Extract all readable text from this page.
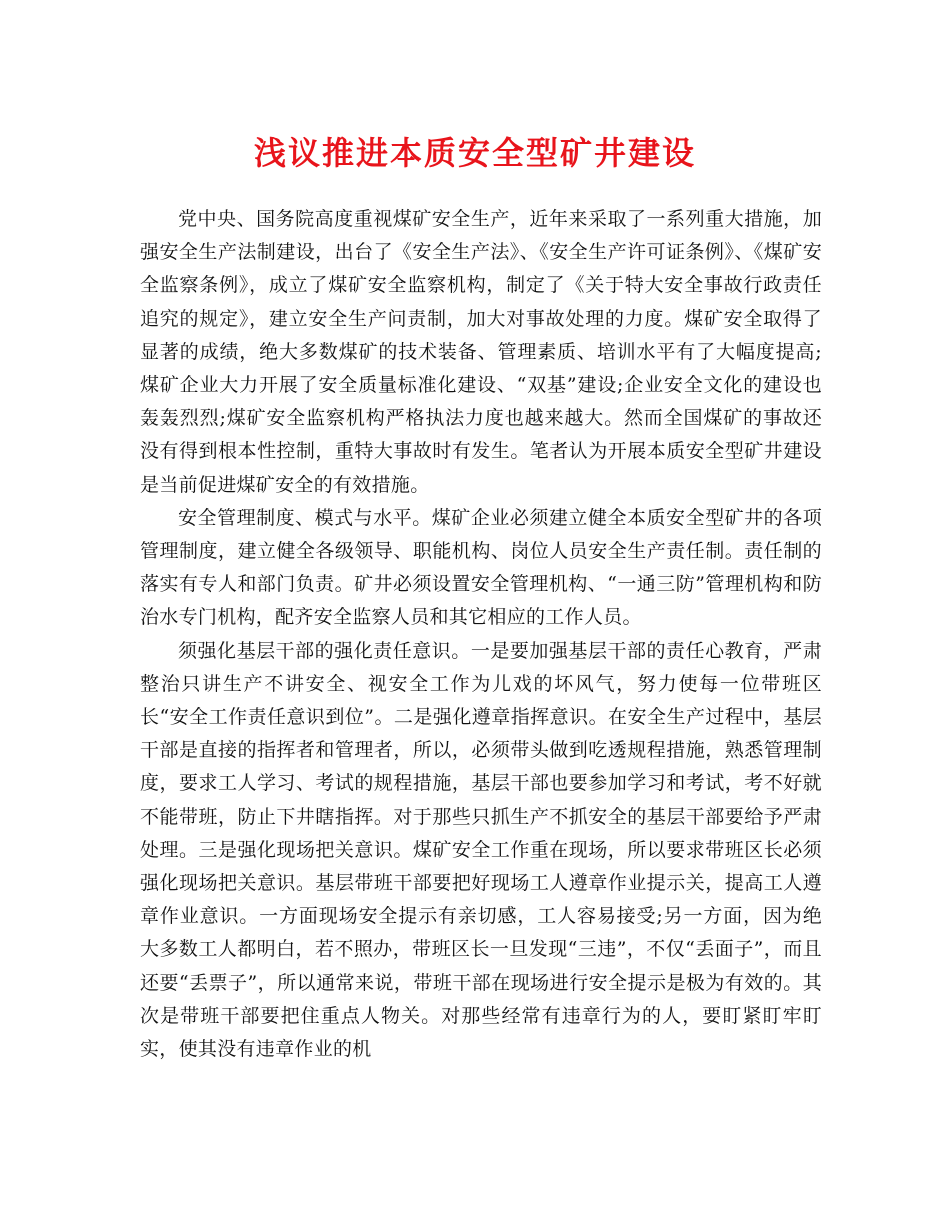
浅议推进本质安全型矿井建设

党中央、国务院高度重视煤矿安全生产，近年来采取了一系列重大措施，加强安全生产法制建设，出台了《安全生产法》、《安全生产许可证条例》、《煤矿安全监察条例》，成立了煤矿安全监察机构，制定了《关于特大安全事故行政责任追究的规定》，建立安全生产问责制，加大对事故处理的力度。煤矿安全取得了显著的成绩，绝大多数煤矿的技术装备、管理素质、培训水平有了大幅度提高;煤矿企业大力开展了安全质量标准化建设、“双基”建设;企业安全文化的建设也轰轰烈烈;煤矿安全监察机构严格执法力度也越来越大。然而全国煤矿的事故还没有得到根本性控制，重特大事故时有发生。笔者认为开展本质安全型矿井建设是当前促进煤矿安全的有效措施。

安全管理制度、模式与水平。煤矿企业必须建立健全本质安全型矿井的各项管理制度，建立健全各级领导、职能机构、岗位人员安全生产责任制。责任制的落实有专人和部门负责。矿井必须设置安全管理机构、“一通三防”管理机构和防治水专门机构，配齐安全监察人员和其它相应的工作人员。

须强化基层干部的强化责任意识。一是要加强基层干部的责任心教育，严肃整治只讲生产不讲安全、视安全工作为儿戏的坏风气，努力使每一位带班区长“安全工作责任意识到位”。二是强化遵章指挥意识。在安全生产过程中，基层干部是直接的指挥者和管理者，所以，必须带头做到吃透规程措施，熟悉管理制度，要求工人学习、考试的规程措施，基层干部也要参加学习和考试，考不好就不能带班，防止下井瞎指挥。对于那些只抓生产不抓安全的基层干部要给予严肃处理。三是强化现场把关意识。煤矿安全工作重在现场，所以要求带班区长必须强化现场把关意识。基层带班干部要把好现场工人遵章作业提示关，提高工人遵章作业意识。一方面现场安全提示有亲切感，工人容易接受;另一方面，因为绝大多数工人都明白，若不照办，带班区长一旦发现“三违”，不仅“丢面子”，而且还要“丢票子”，所以通常来说，带班干部在现场进行安全提示是极为有效的。其次是带班干部要把住重点人物关。对那些经常有违章行为的人，要盯紧盯牢盯实，使其没有违章作业的机
